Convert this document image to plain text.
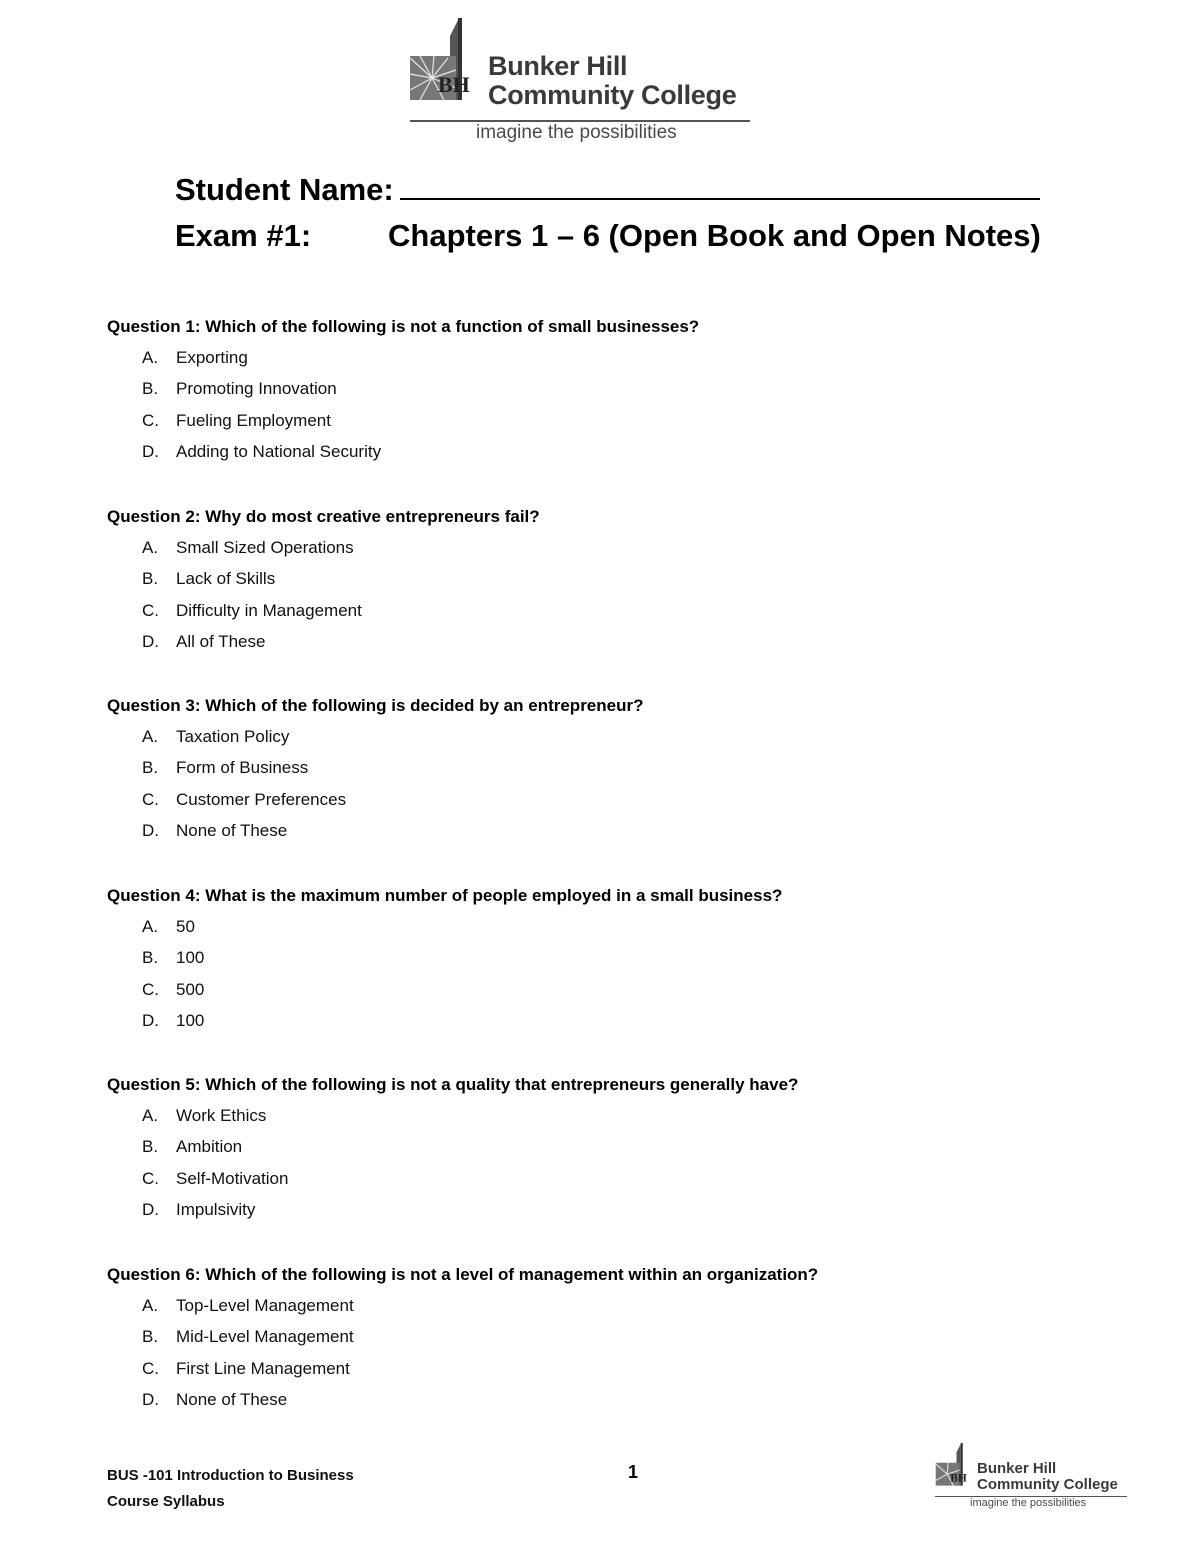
BH
Bunker Hill
Community College
imagine the possibilities
Student Name:
Exam #1: Chapters 1 – 6 (Open Book and Open Notes)

Question 1: Which of the following is not a function of small businesses?

A.	Exporting
B.	Promoting Innovation
C.	Fueling Employment
D.	Adding to National Security

Question 2: Why do most creative entrepreneurs fail?

A.	Small Sized Operations
B.	Lack of Skills
C.	Difficulty in Management
D.	All of These

Question 3: Which of the following is decided by an entrepreneur?

A.	Taxation Policy
B.	Form of Business
C.	Customer Preferences
D.	None of These

Question 4: What is the maximum number of people employed in a small business?

A.	50
B.	100
C.	500
D.	100

Question 5: Which of the following is not a quality that entrepreneurs generally have?

A.	Work Ethics
B.	Ambition
C.	Self-Motivation
D.	Impulsivity

Question 6: Which of the following is not a level of management within an organization?

A.	Top-Level Management
B.	Mid-Level Management
C.	First Line Management
D.	None of These
BUS -101 Introduction to Business
Course Syllabus
1	BH
Bunker Hill
Community College
imagine the possibilities
